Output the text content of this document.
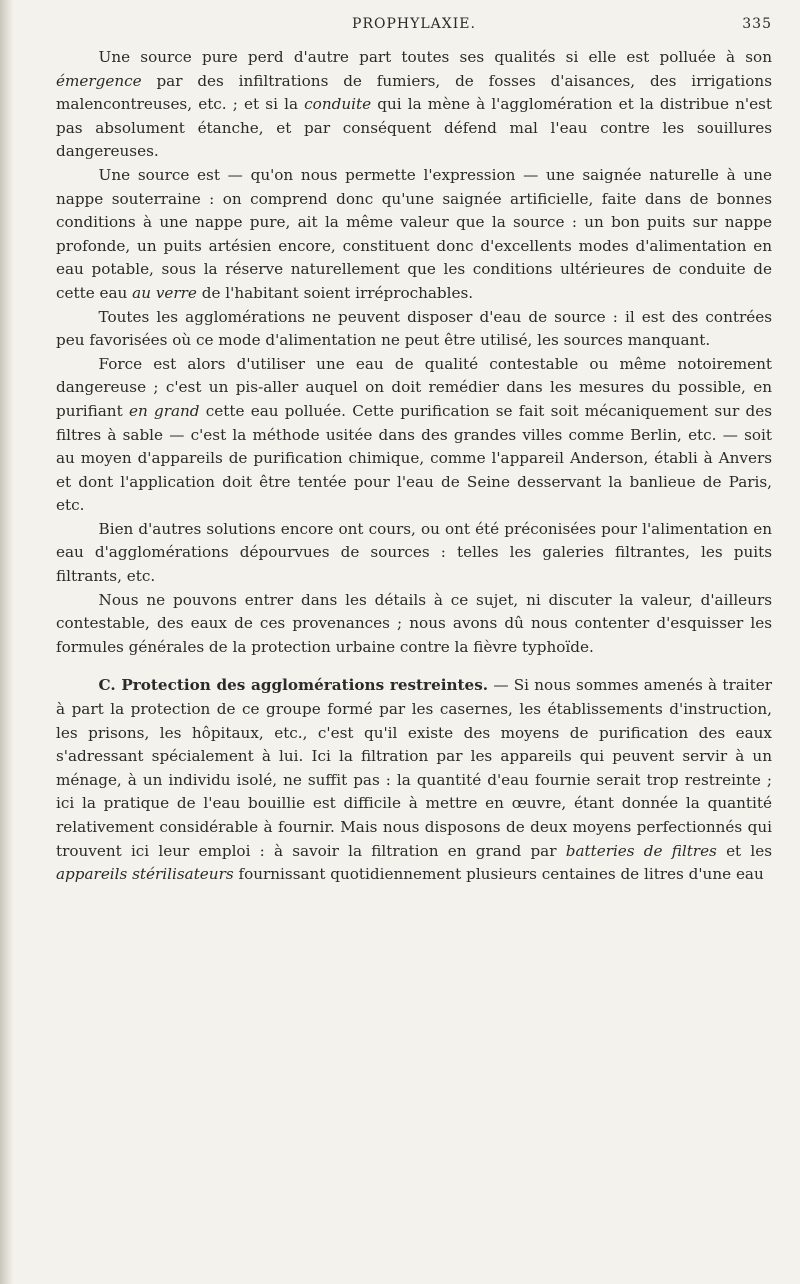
PROPHYLAXIE.	335

Une source pure perd d'autre part toutes ses qualités si elle est polluée à son émergence par des infiltrations de fumiers, de fosses d'aisances, des irrigations malencontreuses, etc. ; et si la conduite qui la mène à l'agglomération et la distribue n'est pas absolument étanche, et par conséquent défend mal l'eau contre les souillures dangereuses.

Une source est — qu'on nous permette l'expression — une saignée naturelle à une nappe souterraine : on comprend donc qu'une saignée artificielle, faite dans de bonnes conditions à une nappe pure, ait la même valeur que la source : un bon puits sur nappe profonde, un puits artésien encore, constituent donc d'excellents modes d'alimentation en eau potable, sous la réserve naturellement que les conditions ultérieures de conduite de cette eau au verre de l'habitant soient irréprochables.

Toutes les agglomérations ne peuvent disposer d'eau de source : il est des contrées peu favorisées où ce mode d'alimentation ne peut être utilisé, les sources manquant.

Force est alors d'utiliser une eau de qualité contestable ou même notoirement dangereuse ; c'est un pis-aller auquel on doit remédier dans les mesures du possible, en purifiant en grand cette eau polluée. Cette purification se fait soit mécaniquement sur des filtres à sable — c'est la méthode usitée dans des grandes villes comme Berlin, etc. — soit au moyen d'appareils de purification chimique, comme l'appareil Anderson, établi à Anvers et dont l'application doit être tentée pour l'eau de Seine desservant la banlieue de Paris, etc.

Bien d'autres solutions encore ont cours, ou ont été préconisées pour l'alimentation en eau d'agglomérations dépourvues de sources : telles les galeries filtrantes, les puits filtrants, etc.

Nous ne pouvons entrer dans les détails à ce sujet, ni discuter la valeur, d'ailleurs contestable, des eaux de ces provenances ; nous avons dû nous contenter d'esquisser les formules générales de la protection urbaine contre la fièvre typhoïde.

C. Protection des agglomérations restreintes. — Si nous sommes amenés à traiter à part la protection de ce groupe formé par les casernes, les établissements d'instruction, les prisons, les hôpitaux, etc., c'est qu'il existe des moyens de purification des eaux s'adressant spécialement à lui. Ici la filtration par les appareils qui peuvent servir à un ménage, à un individu isolé, ne suffit pas : la quantité d'eau fournie serait trop restreinte ; ici la pratique de l'eau bouillie est difficile à mettre en œuvre, étant donnée la quantité relativement considérable à fournir. Mais nous disposons de deux moyens perfectionnés qui trouvent ici leur emploi : à savoir la filtration en grand par batteries de filtres et les appareils stérilisateurs fournissant quotidiennement plusieurs centaines de litres d'une eau
